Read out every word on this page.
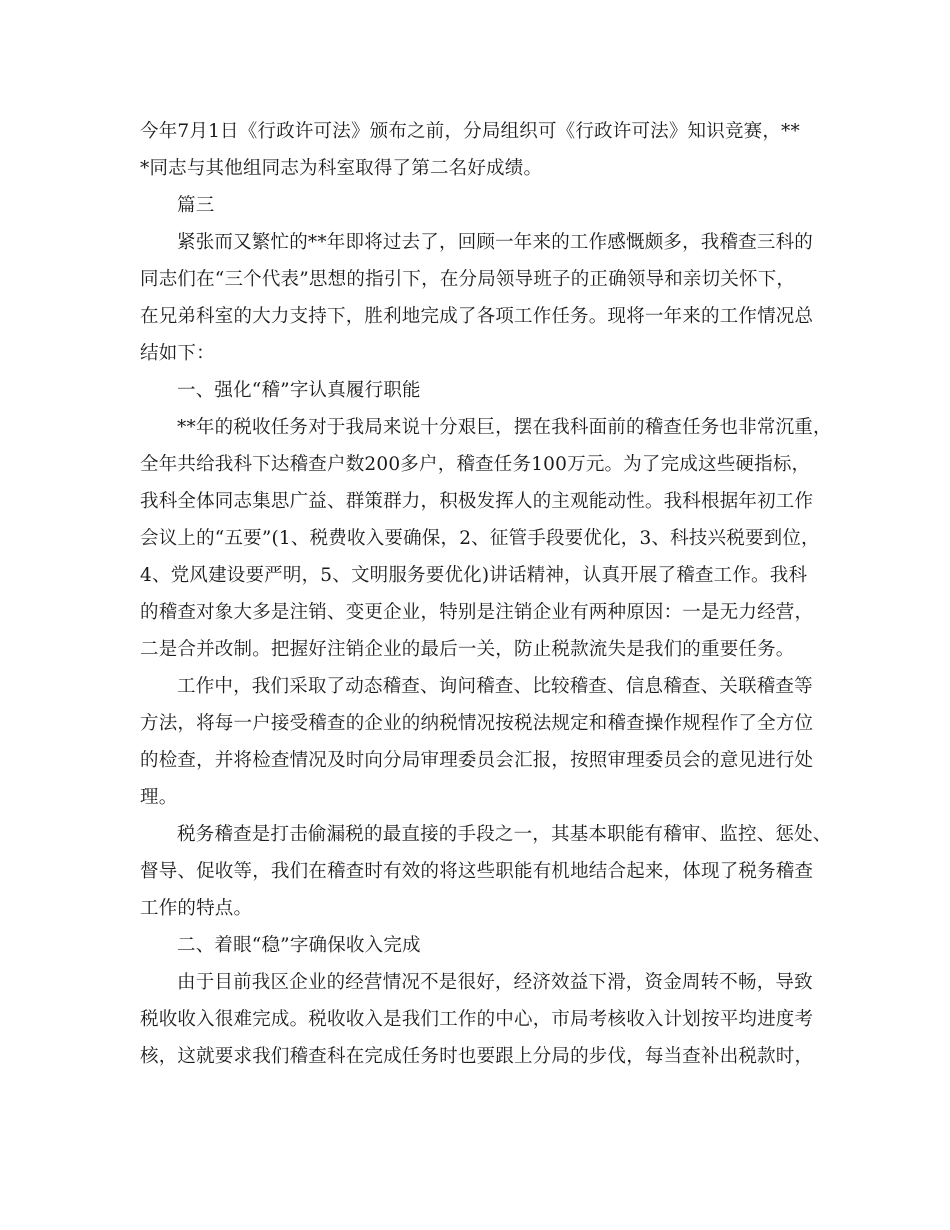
今年7月1日《行政许可法》颁布之前，分局组织可《行政许可法》知识竞赛，**
*同志与其他组同志为科室取得了第二名好成绩。
篇三
紧张而又繁忙的**年即将过去了，回顾一年来的工作感慨颇多，我稽查三科的
同志们在“三个代表”思想的指引下，在分局领导班子的正确领导和亲切关怀下，
在兄弟科室的大力支持下，胜利地完成了各项工作任务。现将一年来的工作情况总
结如下：
一、强化“稽”字认真履行职能
**年的税收任务对于我局来说十分艰巨，摆在我科面前的稽查任务也非常沉重，
全年共给我科下达稽查户数200多户，稽查任务100万元。为了完成这些硬指标，
我科全体同志集思广益、群策群力，积极发挥人的主观能动性。我科根据年初工作
会议上的“五要”(1、税费收入要确保，2、征管手段要优化，3、科技兴税要到位，
4、党风建设要严明，5、文明服务要优化)讲话精神，认真开展了稽查工作。我科
的稽查对象大多是注销、变更企业，特别是注销企业有两种原因：一是无力经营，
二是合并改制。把握好注销企业的最后一关，防止税款流失是我们的重要任务。
工作中，我们采取了动态稽查、询问稽查、比较稽查、信息稽查、关联稽查等
方法，将每一户接受稽查的企业的纳税情况按税法规定和稽查操作规程作了全方位
的检查，并将检查情况及时向分局审理委员会汇报，按照审理委员会的意见进行处
理。
税务稽查是打击偷漏税的最直接的手段之一，其基本职能有稽审、监控、惩处、
督导、促收等，我们在稽查时有效的将这些职能有机地结合起来，体现了税务稽查
工作的特点。
二、着眼“稳”字确保收入完成
由于目前我区企业的经营情况不是很好，经济效益下滑，资金周转不畅，导致
税收收入很难完成。税收收入是我们工作的中心，市局考核收入计划按平均进度考
核，这就要求我们稽查科在完成任务时也要跟上分局的步伐，每当查补出税款时，
